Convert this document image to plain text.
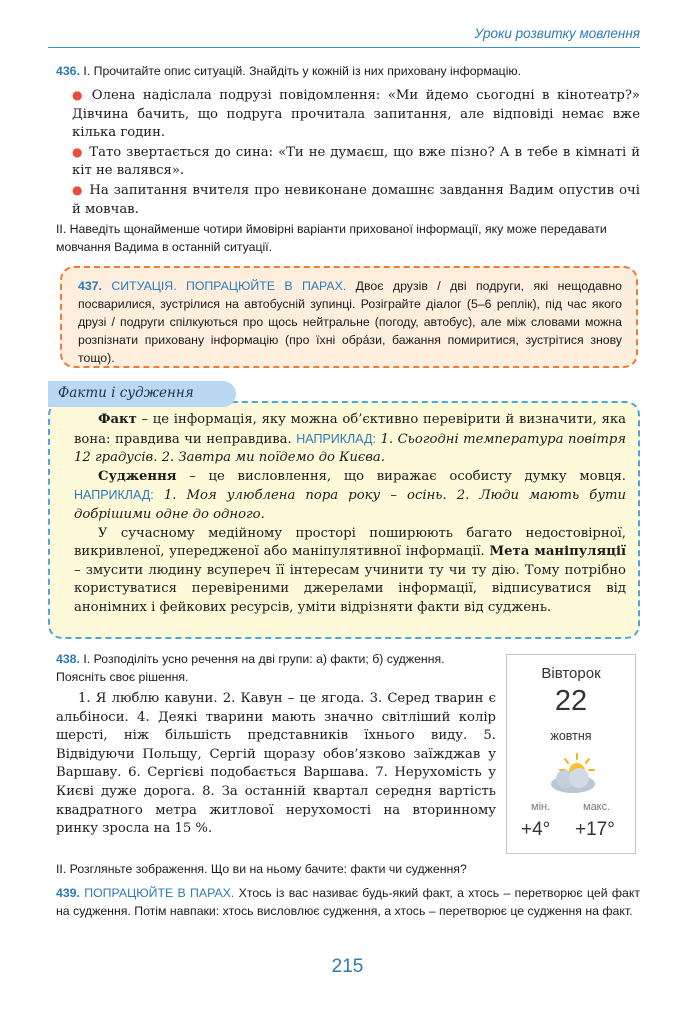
Уроки розвитку мовлення
436. І. Прочитайте опис ситуацій. Знайдіть у кожній із них приховану інформацію.

● Олена надіслала подрузі повідомлення: «Ми йдемо сьогодні в кінотеатр?» Дівчина бачить, що подруга прочитала запитання, але відповіді немає вже кілька годин.

● Тато звертається до сина: «Ти не думаєш, що вже пізно? А в тебе в кімнаті й кіт не валявся».

● На запитання вчителя про невиконане домашнє завдання Вадим опустив очі й мовчав.

ІІ. Наведіть щонайменше чотири ймовірні варіанти прихованої інформації, яку може передавати мовчання Вадима в останній ситуації.
437. СИТУАЦІЯ. ПОПРАЦЮЙТЕ В ПАРАХ. Двоє друзів / дві подруги, які нещодавно посварилися, зустрілися на автобусній зупинці. Розіграйте діалог (5–6 реплік), під час якого друзі / подруги спілкуються про щось нейтральне (погоду, автобус), але між словами можна розпізнати приховану інформацію (про їхні обрáзи, бажання помиритися, зустрітися знову тощо).

Факт – це інформація, яку можна об’єктивно перевірити й визначити, яка вона: правдива чи неправдива. НАПРИКЛАД: 1. Сьогодні температура повітря 12 градусів. 2. Завтра ми поїдемо до Києва.

Судження – це висловлення, що виражає особисту думку мовця. НАПРИКЛАД: 1. Моя улюблена пора року – осінь. 2. Люди мають бути добрішими одне до одного.

У сучасному медійному просторі поширюють багато недостовірної, викривленої, упередженої або маніпулятивної інформації. Мета маніпуляції – змусити людину всупереч її інтересам учинити ту чи ту дію. Тому потрібно користуватися перевіреними джерелами інформації, відписуватися від анонімних і фейкових ресурсів, уміти відрізняти факти від суджень.

Факти і судження
438. І. Розподіліть усно речення на дві групи: а) факти; б) судження. Поясніть своє рішення.
1. Я люблю кавуни. 2. Кавун – це ягода. 3. Серед тварин є альбіноси. 4. Деякі тварини мають значно світліший колір шерсті, ніж більшість представників їхнього виду. 5. Відвідуючи Польщу, Сергій щоразу обов’язково заїжджав у Варшаву. 6. Сергієві подобається Варшава. 7. Нерухомість у Києві дуже дорога. 8. За останній квартал середня вартість квадратного метра житлової нерухомості на вторинному ринку зросла на 15 %.
Вівторок
22
жовтня
мін.	макс.
+4° +17°
ІІ. Розгляньте зображення. Що ви на ньому бачите: факти чи судження?
439. ПОПРАЦЮЙТЕ В ПАРАХ. Хтось із вас називає будь-який факт, а хтось – перетворює цей факт на судження. Потім навпаки: хтось висловлює судження, а хтось – перетворює це судження на факт.
215
